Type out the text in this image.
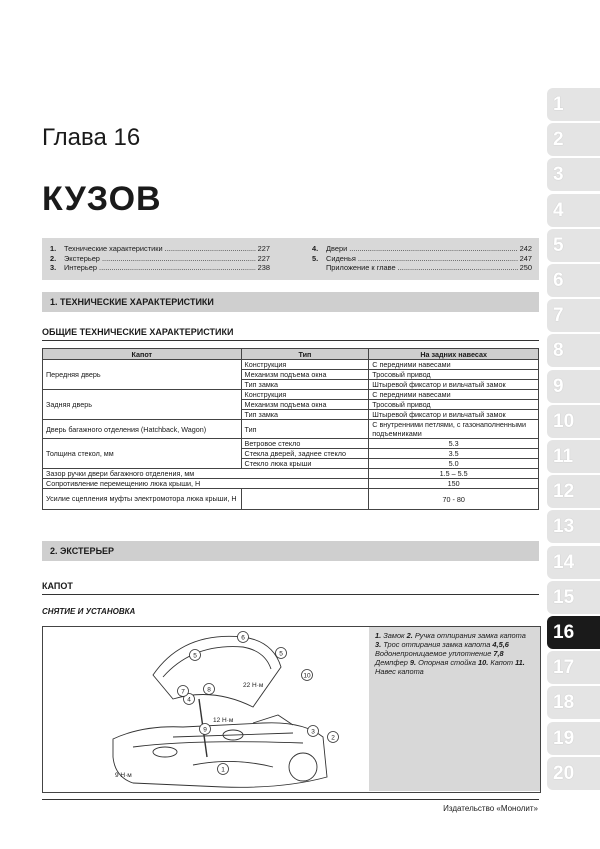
Глава 16
КУЗОВ
1.	Технические характеристики .....	227
2.	Экстерьер .....	227
3.	Интерьер .....	238
4.	Двери .....	242
5.	Сиденья .....	247
Приложение к главе .....	250
1. ТЕХНИЧЕСКИЕ ХАРАКТЕРИСТИКИ
ОБЩИЕ ТЕХНИЧЕСКИЕ ХАРАКТЕРИСТИКИ
Капот	Тип	На задних навесах
Передняя дверь	Конструкция	С передними навесами
	Механизм подъема окна	Тросовый привод
	Тип замка	Штыревой фиксатор и вильчатый замок
Задняя дверь	Конструкция	С передними навесами
	Механизм подъема окна	Тросовый привод
	Тип замка	Штыревой фиксатор и вильчатый замок
Дверь багажного отделения (Hatchback, Wagon)	Тип	С внутренними петлями, с газонаполненными подъемниками
Толщина стекол, мм	Ветровое стекло	5.3
	Стекла дверей, заднее стекло	3.5
	Стекло люка крыши	5.0
Зазор ручки двери багажного отделения, мм		1.5 – 5.5
Сопротивление перемещению люка крыши, Н		150
Усилие сцепления муфты электромотора люка крыши, Н		70 - 80
2. ЭКСТЕРЬЕР
КАПОТ
СНЯТИЕ И УСТАНОВКА
1
2
3
4
5	5
6
7	8
9
10
22 Н·м
12 Н·м
9 Н·м
1. Замок 2. Ручка отпирания замка капота 3. Трос отпирания замка капота 4,5,6 Водонепроницаемое уплотнение 7,8 Демпфер 9. Опорная стойка 10. Капот 11. Навес капота
1
2
3
4
5
6
7
8
9
10
11
12
13
14
15
16
17
18
19
20
Издательство «Монолит»
